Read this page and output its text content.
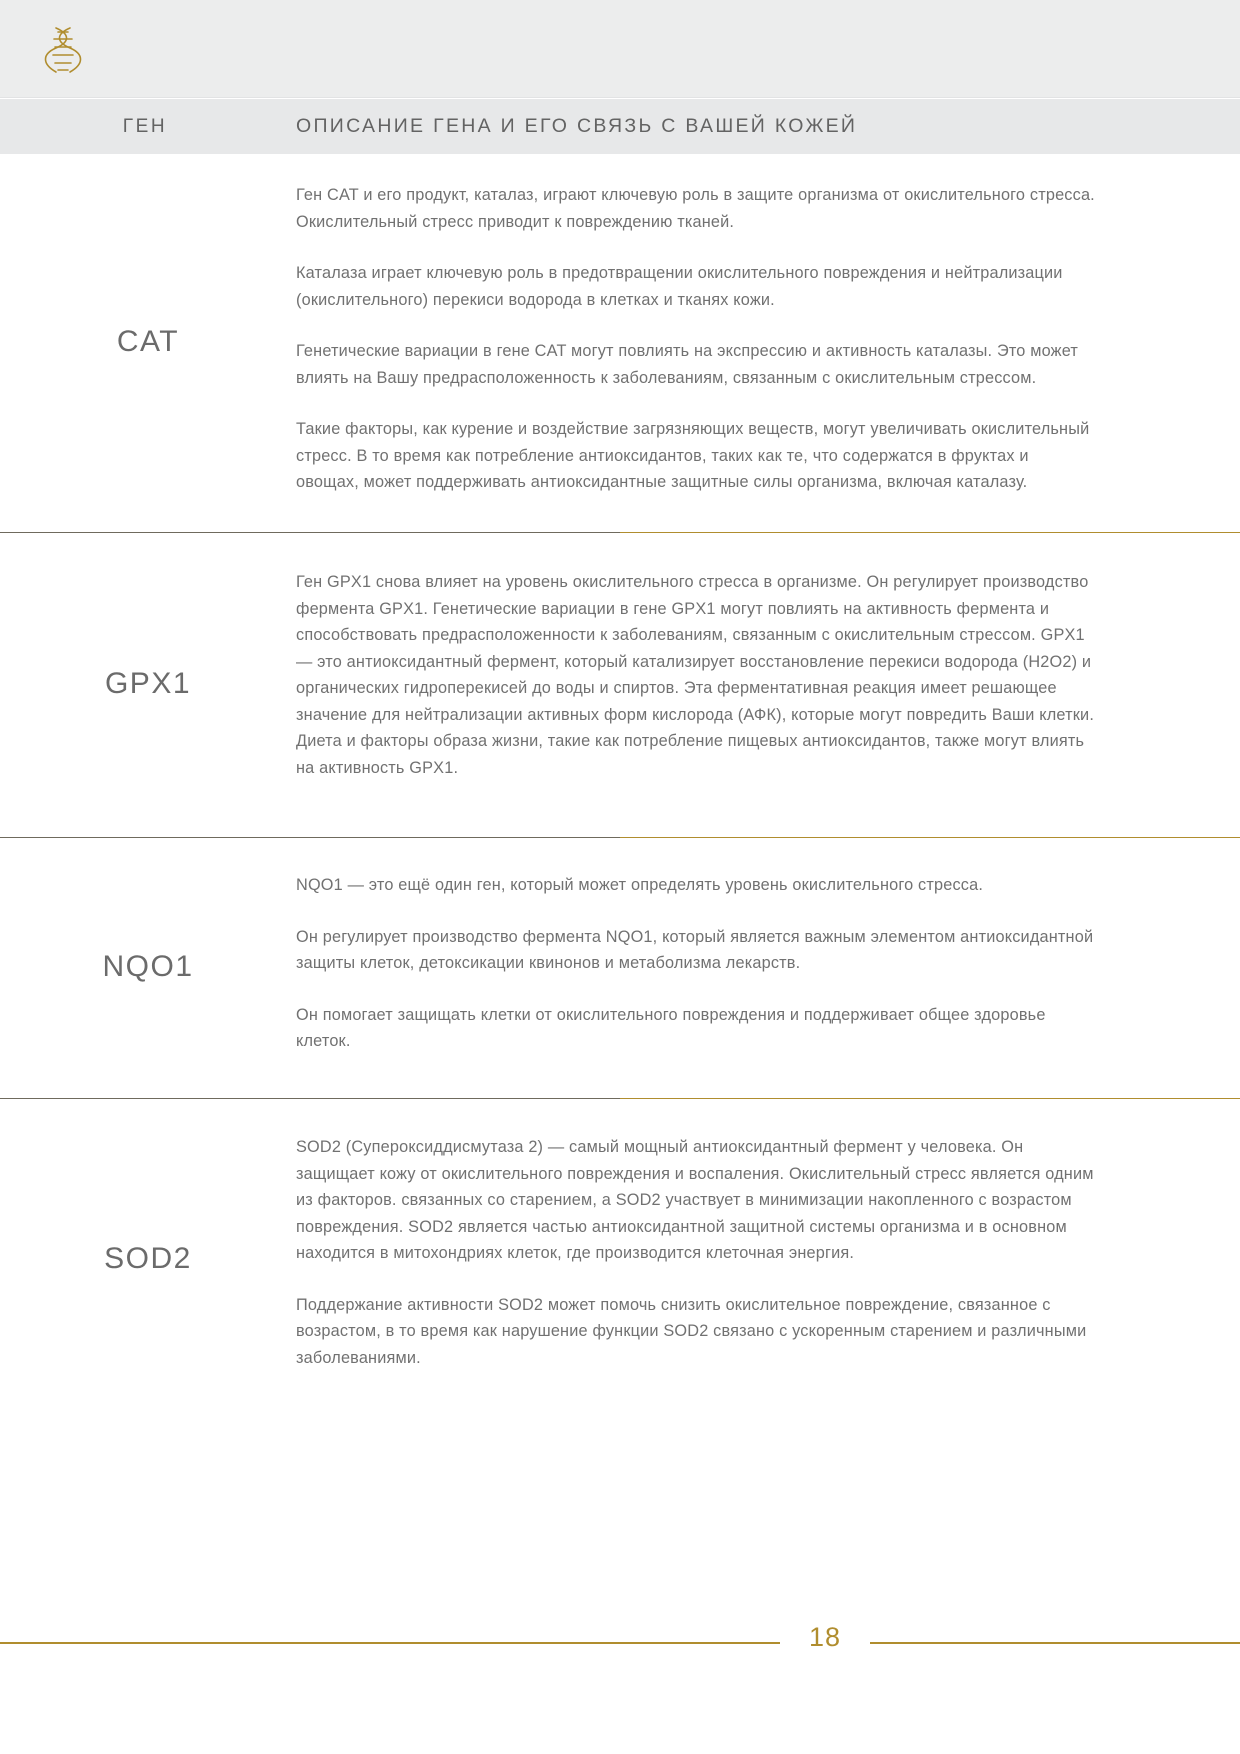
ГЕН	ОПИСАНИЕ ГЕНА И ЕГО СВЯЗЬ С ВАШЕЙ КОЖЕЙ
CAT

Ген CAT и его продукт, каталаз, играют ключевую роль в защите организма от окислительного стресса. Окислительный стресс приводит к повреждению тканей.

Каталаза играет ключевую роль в предотвращении окислительного повреждения и нейтрализации (окислительного) перекиси водорода в клетках и тканях кожи.

Генетические вариации в гене CAT могут повлиять на экспрессию и активность каталазы. Это может влиять на Вашу предрасположенность к заболеваниям, связанным с окислительным стрессом.

Такие факторы, как курение и воздействие загрязняющих веществ, могут увеличивать окислительный стресс. В то время как потребление антиоксидантов, таких как те, что содержатся в фруктах и овощах, может поддерживать антиоксидантные защитные силы организма, включая каталазу.

GPX1

Ген GPX1 снова влияет на уровень окислительного стресса в организме. Он регулирует производство фермента GPX1. Генетические вариации в гене GPX1 могут повлиять на активность фермента и способствовать предрасположенности к заболеваниям, связанным с окислительным стрессом. GPX1 — это антиоксидантный фермент, который катализирует восстановление перекиси водорода (H2O2) и органических гидроперекисей до воды и спиртов. Эта ферментативная реакция имеет решающее значение для нейтрализации активных форм кислорода (АФК), которые могут повредить Ваши клетки. Диета и факторы образа жизни, такие как потребление пищевых антиоксидантов, также могут влиять на активность GPX1.

NQO1

NQO1 — это ещё один ген, который может определять уровень окислительного стресса.

Он регулирует производство фермента NQO1, который является важным элементом антиоксидантной защиты клеток, детоксикации квинонов и метаболизма лекарств.

Он помогает защищать клетки от окислительного повреждения и поддерживает общее здоровье клеток.

SOD2

SOD2 (Супероксиддисмутаза 2) — самый мощный антиоксидантный фермент у человека. Он защищает кожу от окислительного повреждения и воспаления. Окислительный стресс является одним из факторов. связанных со старением, а SOD2 участвует в минимизации накопленного с возрастом повреждения. SOD2 является частью антиоксидантной защитной системы организма и в основном находится в митохондриях клеток, где производится клеточная энергия.

Поддержание активности SOD2 может помочь снизить окислительное повреждение, связанное с возрастом, в то время как нарушение функции SOD2 связано с ускоренным старением и различными заболеваниями.

18
